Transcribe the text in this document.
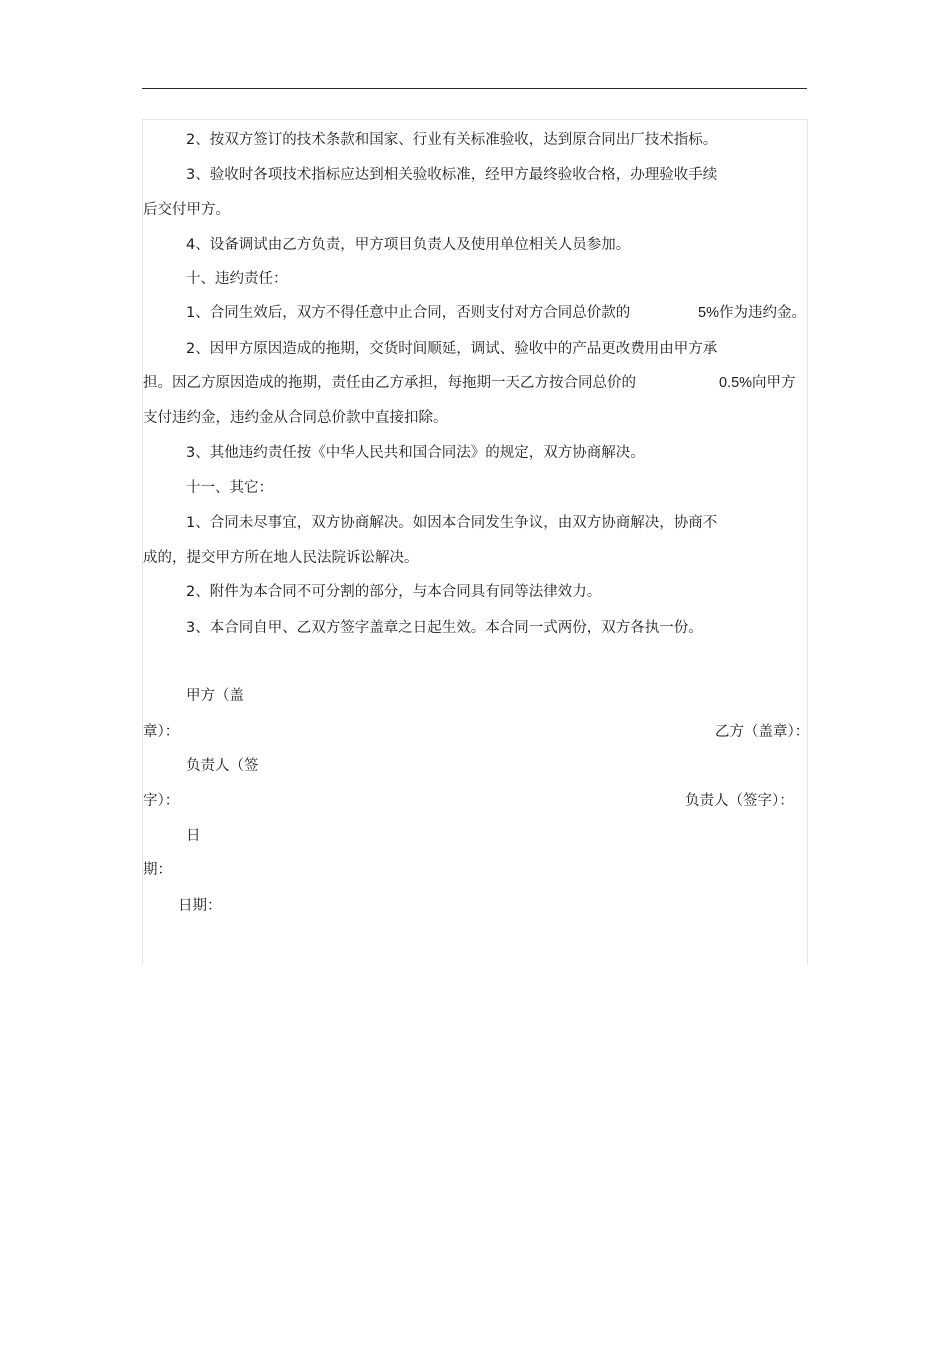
2、按双方签订的技术条款和国家、行业有关标准验收，达到原合同出厂技术指标。
3、验收时各项技术指标应达到相关验收标准，经甲方最终验收合格，办理验收手续
后交付甲方。
4、设备调试由乙方负责，甲方项目负责人及使用单位相关人员参加。
十、违约责任：
1、合同生效后，双方不得任意中止合同，否则支付对方合同总价款的	5%作为违约金。
2、因甲方原因造成的拖期，交货时间顺延，调试、验收中的产品更改费用由甲方承
担。因乙方原因造成的拖期，责任由乙方承担，每拖期一天乙方按合同总价的	0.5%向甲方
支付违约金，违约金从合同总价款中直接扣除。
3、其他违约责任按《中华人民共和国合同法》的规定，双方协商解决。
十一、其它：
1、合同未尽事宜，双方协商解决。如因本合同发生争议，由双方协商解决，协商不
成的，提交甲方所在地人民法院诉讼解决。
2、附件为本合同不可分割的部分，与本合同具有同等法律效力。
3、本合同自甲、乙双方签字盖章之日起生效。本合同一式两份，双方各执一份。
甲方（盖
章）：	乙方（盖章）：
负责人（签
字）：	负责人（签字）：
日
期：
日期：
